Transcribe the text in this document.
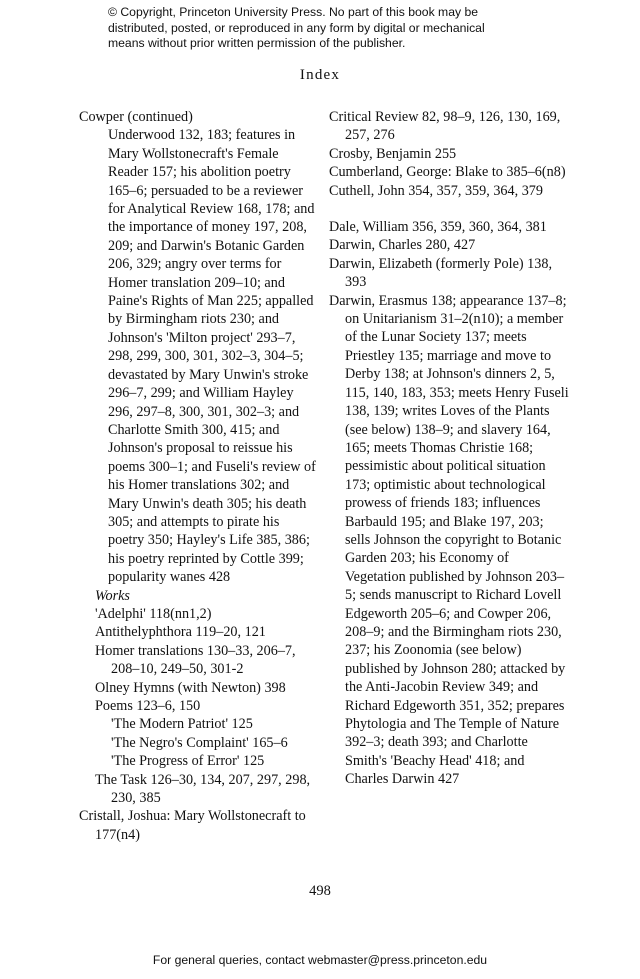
© Copyright, Princeton University Press. No part of this book may be
distributed, posted, or reproduced in any form by digital or mechanical
means without prior written permission of the publisher.
Index
Cowper (continued)
Underwood 132, 183; features in Mary Wollstonecraft's Female Reader 157; his abolition poetry 165–6; persuaded to be a reviewer for Analytical Review 168, 178; and the importance of money 197, 208, 209; and Darwin's Botanic Garden 206, 329; angry over terms for Homer translation 209–10; and Paine's Rights of Man 225; appalled by Birmingham riots 230; and Johnson's 'Milton project' 293–7, 298, 299, 300, 301, 302–3, 304–5; devastated by Mary Unwin's stroke 296–7, 299; and William Hayley 296, 297–8, 300, 301, 302–3; and Charlotte Smith 300, 415; and Johnson's proposal to reissue his poems 300–1; and Fuseli's review of his Homer translations 302; and Mary Unwin's death 305; his death 305; and attempts to pirate his poetry 350; Hayley's Life 385, 386; his poetry reprinted by Cottle 399; popularity wanes 428
Works
'Adelphi' 118(nn1,2)
Antithelyphthora 119–20, 121
Homer translations 130–33, 206–7, 208–10, 249–50, 301-2
Olney Hymns (with Newton) 398
Poems 123–6, 150
'The Modern Patriot' 125
'The Negro's Complaint' 165–6
'The Progress of Error' 125
The Task 126–30, 134, 207, 297, 298, 230, 385
Cristall, Joshua: Mary Wollstonecraft to 177(n4)
Critical Review 82, 98–9, 126, 130, 169, 257, 276
Crosby, Benjamin 255
Cumberland, George: Blake to 385–6(n8)
Cuthell, John 354, 357, 359, 364, 379
Dale, William 356, 359, 360, 364, 381
Darwin, Charles 280, 427
Darwin, Elizabeth (formerly Pole) 138, 393
Darwin, Erasmus 138; appearance 137–8; on Unitarianism 31–2(n10); a member of the Lunar Society 137; meets Priestley 135; marriage and move to Derby 138; at Johnson's dinners 2, 5, 115, 140, 183, 353; meets Henry Fuseli 138, 139; writes Loves of the Plants (see below) 138–9; and slavery 164, 165; meets Thomas Christie 168; pessimistic about political situation 173; optimistic about technological prowess of friends 183; influences Barbauld 195; and Blake 197, 203; sells Johnson the copyright to Botanic Garden 203; his Economy of Vegetation published by Johnson 203–5; sends manuscript to Richard Lovell Edgeworth 205–6; and Cowper 206, 208–9; and the Birmingham riots 230, 237; his Zoonomia (see below) published by Johnson 280; attacked by the Anti-Jacobin Review 349; and Richard Edgeworth 351, 352; prepares Phytologia and The Temple of Nature 392–3; death 393; and Charlotte Smith's 'Beachy Head' 418; and Charles Darwin 427
498
For general queries, contact webmaster@press.princeton.edu
